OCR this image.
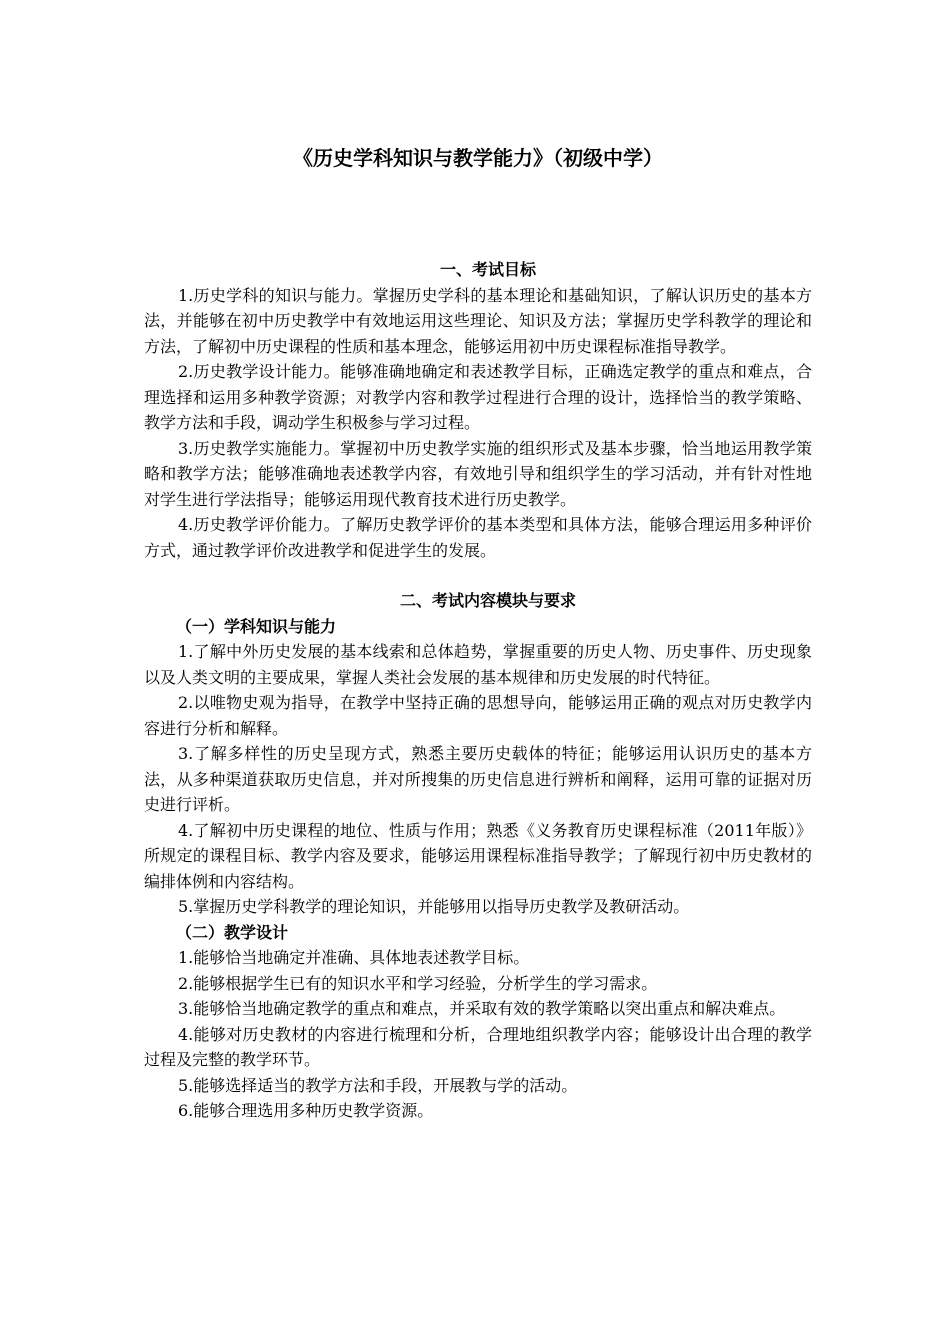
《历史学科知识与教学能力》（初级中学）

一、考试目标

1.历史学科的知识与能力。掌握历史学科的基本理论和基础知识，了解认识历史的基本方法，并能够在初中历史教学中有效地运用这些理论、知识及方法；掌握历史学科教学的理论和方法，了解初中历史课程的性质和基本理念，能够运用初中历史课程标准指导教学。

2.历史教学设计能力。能够准确地确定和表述教学目标，正确选定教学的重点和难点，合理选择和运用多种教学资源；对教学内容和教学过程进行合理的设计，选择恰当的教学策略、教学方法和手段，调动学生积极参与学习过程。

3.历史教学实施能力。掌握初中历史教学实施的组织形式及基本步骤，恰当地运用教学策略和教学方法；能够准确地表述教学内容，有效地引导和组织学生的学习活动，并有针对性地对学生进行学法指导；能够运用现代教育技术进行历史教学。

4.历史教学评价能力。了解历史教学评价的基本类型和具体方法，能够合理运用多种评价方式，通过教学评价改进教学和促进学生的发展。

二、考试内容模块与要求

（一）学科知识与能力

1.了解中外历史发展的基本线索和总体趋势，掌握重要的历史人物、历史事件、历史现象以及人类文明的主要成果，掌握人类社会发展的基本规律和历史发展的时代特征。

2.以唯物史观为指导，在教学中坚持正确的思想导向，能够运用正确的观点对历史教学内容进行分析和解释。

3.了解多样性的历史呈现方式，熟悉主要历史载体的特征；能够运用认识历史的基本方法，从多种渠道获取历史信息，并对所搜集的历史信息进行辨析和阐释，运用可靠的证据对历史进行评析。

4.了解初中历史课程的地位、性质与作用；熟悉《义务教育历史课程标准（2011年版）》所规定的课程目标、教学内容及要求，能够运用课程标准指导教学；了解现行初中历史教材的编排体例和内容结构。

5.掌握历史学科教学的理论知识，并能够用以指导历史教学及教研活动。

（二）教学设计

1.能够恰当地确定并准确、具体地表述教学目标。

2.能够根据学生已有的知识水平和学习经验，分析学生的学习需求。

3.能够恰当地确定教学的重点和难点，并采取有效的教学策略以突出重点和解决难点。

4.能够对历史教材的内容进行梳理和分析，合理地组织教学内容；能够设计出合理的教学过程及完整的教学环节。

5.能够选择适当的教学方法和手段，开展教与学的活动。

6.能够合理选用多种历史教学资源。
